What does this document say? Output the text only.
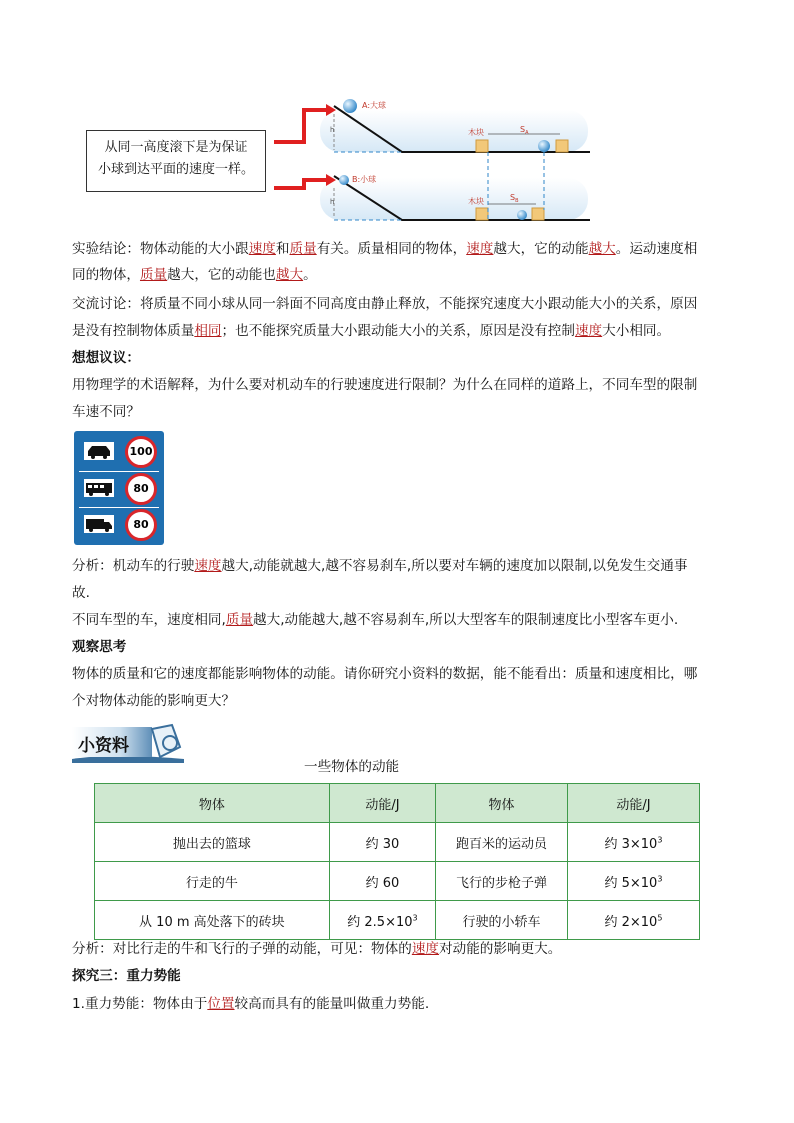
h
A:大球
木块	$S_A$
h
B:小球
木块	$S_B$
从同一高度滚下是为保证
小球到达平面的速度一样。
实验结论：物体动能的大小跟速度和质量有关。质量相同的物体，速度越大，它的动能越大。运动速度相
同的物体，质量越大，它的动能也越大。
交流讨论：将质量不同小球从同一斜面不同高度由静止释放，不能探究速度大小跟动能大小的关系，原因
是没有控制物体质量相同；也不能探究质量大小跟动能大小的关系，原因是没有控制速度大小相同。
想想议议：
用物理学的术语解释，为什么要对机动车的行驶速度进行限制？为什么在同样的道路上，不同车型的限制
车速不同？
100
80
80
分析：机动车的行驶速度越大,动能就越大,越不容易刹车,所以要对车辆的速度加以限制,以免发生交通事
故.
不同车型的车，速度相同,质量越大,动能越大,越不容易刹车,所以大型客车的限制速度比小型客车更小.
观察思考
物体的质量和它的速度都能影响物体的动能。请你研究小资料的数据，能不能看出：质量和速度相比，哪
个对物体动能的影响更大？
小资料
一些物体的动能
物体	动能/J	物体	动能/J
抛出去的篮球	约 30	跑百米的运动员	约 $3\times 10^3$
行走的牛	约 60	飞行的步枪子弹	约 $5\times 10^3$
从 10 m 高处落下的砖块	约 $2.5\times 10^3$	行驶的小轿车	约 $2\times 10^5$
分析：对比行走的牛和飞行的子弹的动能，可见：物体的速度对动能的影响更大。
探究三：重力势能
1.重力势能：物体由于位置较高而具有的能量叫做重力势能.
